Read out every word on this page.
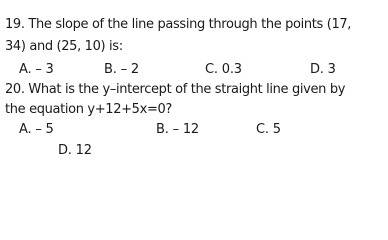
19. The slope of the line passing through the points (17,
34) and (25, 10) is:
A. – 3	B. – 2	C. 0.3	D. 3
20. What is the y–intercept of the straight line given by
the equation y+12+5x=0?
A. – 5	B. – 12	C. 5
D. 12
